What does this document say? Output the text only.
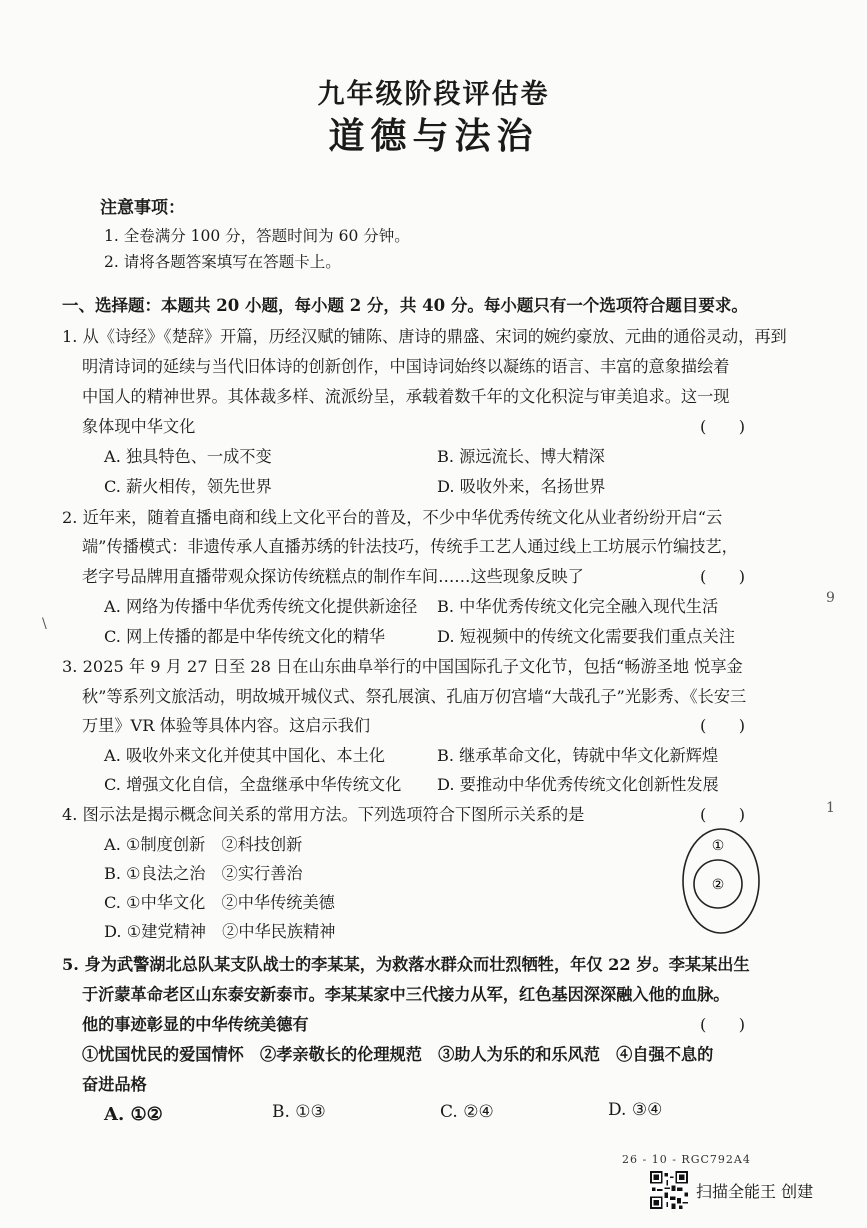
九年级阶段评估卷
道德与法治
注意事项：
1. 全卷满分 100 分，答题时间为 60 分钟。
2. 请将各题答案填写在答题卡上。
一、选择题：本题共 20 小题，每小题 2 分，共 40 分。每小题只有一个选项符合题目要求。
1. 从《诗经》《楚辞》开篇，历经汉赋的铺陈、唐诗的鼎盛、宋词的婉约豪放、元曲的通俗灵动，再到
明清诗词的延续与当代旧体诗的创新创作，中国诗词始终以凝练的语言、丰富的意象描绘着
中国人的精神世界。其体裁多样、流派纷呈，承载着数千年的文化积淀与审美追求。这一现
象体现中华文化	(　　)
A. 独具特色、一成不变	B. 源远流长、博大精深
C. 薪火相传，领先世界	D. 吸收外来，名扬世界
2. 近年来，随着直播电商和线上文化平台的普及，不少中华优秀传统文化从业者纷纷开启“云
端”传播模式：非遗传承人直播苏绣的针法技巧，传统手工艺人通过线上工坊展示竹编技艺，
老字号品牌用直播带观众探访传统糕点的制作车间……这些现象反映了	(　　)
A. 网络为传播中华优秀传统文化提供新途径 B. 中华优秀传统文化完全融入现代生活
C. 网上传播的都是中华传统文化的精华	D. 短视频中的传统文化需要我们重点关注
3. 2025 年 9 月 27 日至 28 日在山东曲阜举行的中国国际孔子文化节，包括“畅游圣地 悦享金
秋”等系列文旅活动，明故城开城仪式、祭孔展演、孔庙万仞宫墙“大哉孔子”光影秀、《长安三
万里》VR 体验等具体内容。这启示我们	(　　)
A. 吸收外来文化并使其中国化、本土化	B. 继承革命文化，铸就中华文化新辉煌
C. 增强文化自信，全盘继承中华传统文化 D. 要推动中华优秀传统文化创新性发展
4. 图示法是揭示概念间关系的常用方法。下列选项符合下图所示关系的是	(　　)
A. ①制度创新　②科技创新
B. ①良法之治　②实行善治
C. ①中华文化　②中华传统美德
D. ①建党精神　②中华民族精神
①
②
5. 身为武警湖北总队某支队战士的李某某，为救落水群众而壮烈牺牲，年仅 22 岁。李某某出生
于沂蒙革命老区山东泰安新泰市。李某某家中三代接力从军，红色基因深深融入他的血脉。
他的事迹彰显的中华传统美德有	(　　)
①忧国忧民的爱国情怀　②孝亲敬长的伦理规范　③助人为乐的和乐风范　④自强不息的
奋进品格
A. ①②	B. ①③	C. ②④	D. ③④
9
1
\
26 - 10 - RGC792A4
扫描全能王 创建
